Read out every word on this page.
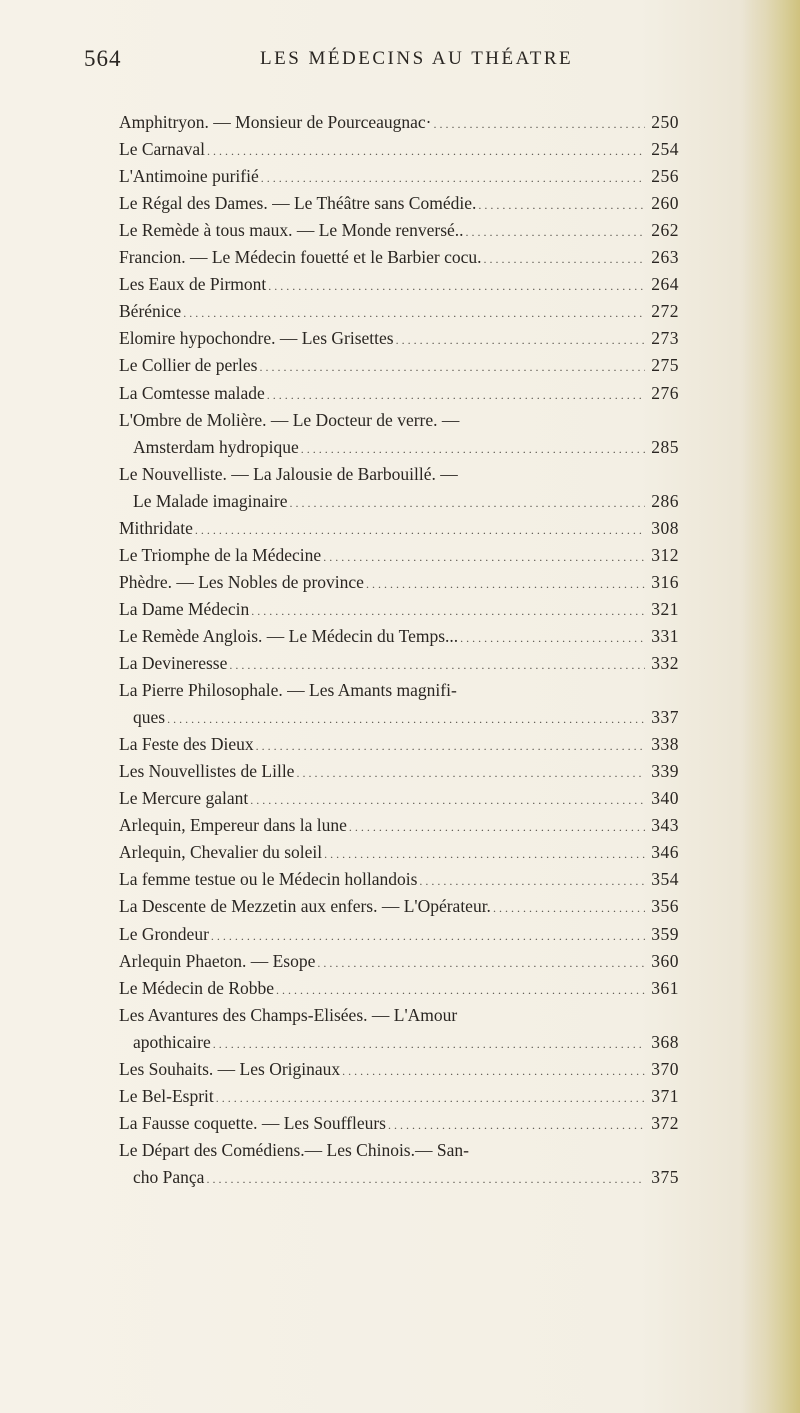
564	LES MÉDECINS AU THÉATRE
Amphitryon. — Monsieur de Pourceaugnac· .....	250
Le Carnaval .....	254
L'Antimoine purifié .....	256
Le Régal des Dames. — Le Théâtre sans Comédie. .....	260
Le Remède à tous maux. — Le Monde renversé.. .....	262
Francion. — Le Médecin fouetté et le Barbier cocu. .....	263
Les Eaux de Pirmont .....	264
Bérénice .....	272
Elomire hypochondre. — Les Grisettes .....	273
Le Collier de perles .....	275
La Comtesse malade .....	276
L'Ombre de Molière. — Le Docteur de verre. —
Amsterdam hydropique .....	285
Le Nouvelliste. — La Jalousie de Barbouillé. —
Le Malade imaginaire .....	286
Mithridate .....	308
Le Triomphe de la Médecine .....	312
Phèdre. — Les Nobles de province .....	316
La Dame Médecin .....	321
Le Remède Anglois. — Le Médecin du Temps... .....	331
La Devineresse .....	332
La Pierre Philosophale. — Les Amants magnifi-
ques .....	337
La Feste des Dieux .....	338
Les Nouvellistes de Lille .....	339
Le Mercure galant .....	340
Arlequin, Empereur dans la lune .....	343
Arlequin, Chevalier du soleil .....	346
La femme testue ou le Médecin hollandois .....	354
La Descente de Mezzetin aux enfers. — L'Opérateur. .....	356
Le Grondeur .....	359
Arlequin Phaeton. — Esope .....	360
Le Médecin de Robbe .....	361
Les Avantures des Champs-Elisées. — L'Amour
apothicaire .....	368
Les Souhaits. — Les Originaux .....	370
Le Bel-Esprit .....	371
La Fausse coquette. — Les Souffleurs .....	372
Le Départ des Comédiens.— Les Chinois.— San-
cho Pança .....	375
